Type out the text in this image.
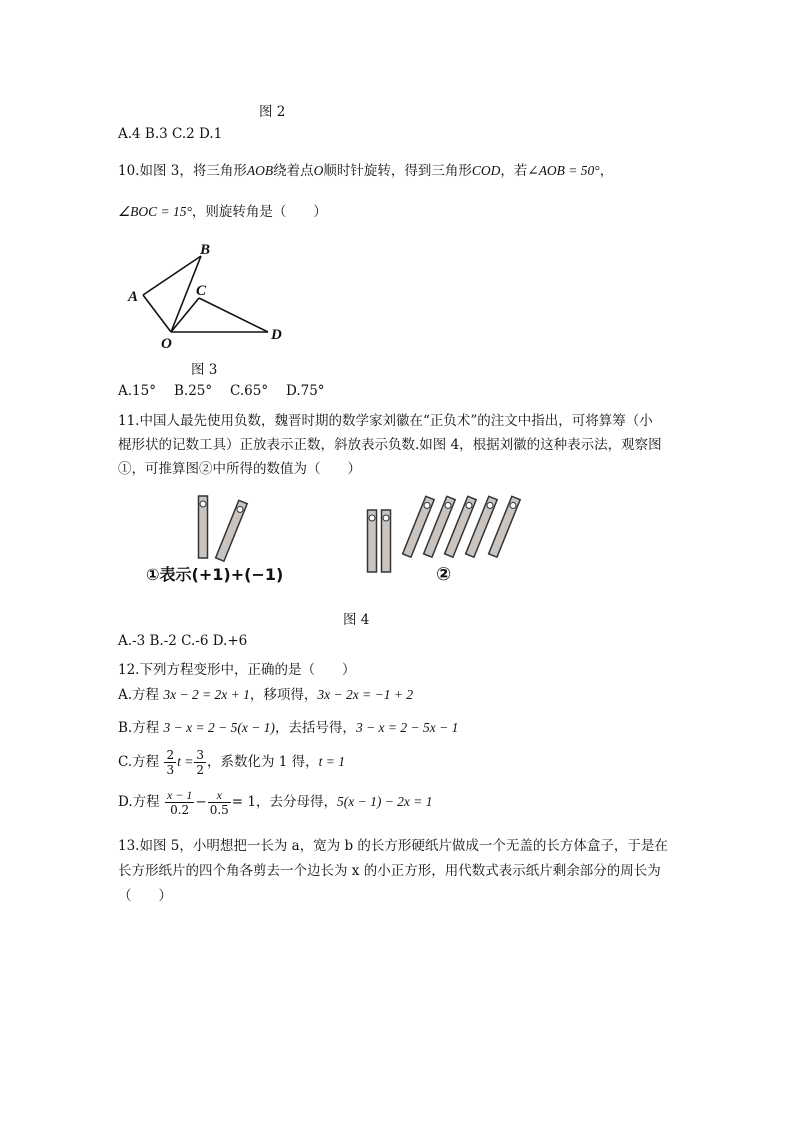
图 2
A.4 B.3 C.2 D.1
10.如图 3，将三角形AOB绕着点O顺时针旋转，得到三角形COD，若∠AOB = 50°，
∠BOC = 15°，则旋转角是（　　）
A
B
C
D
O
图 3
A.15° B.25° C.65° D.75°
11.中国人最先使用负数，魏晋时期的数学家刘徽在“正负术”的注文中指出，可将算筹（小
棍形状的记数工具）正放表示正数，斜放表示负数.如图 4，根据刘徽的这种表示法，观察图
①，可推算图②中所得的数值为（　　）
①表示(+1)+(−1)	②
图 4
A.-3 B.-2 C.-6 D.+6
12.下列方程变形中，正确的是（　　）
A.方程 3x − 2 = 2x + 1，移项得，3x − 2x = −1 + 2
B.方程 3 − x = 2 − 5(x − 1)，去括号得，3 − x = 2 − 5x − 1
C.方程 $\frac{2}{3}$ $t = \frac{3}{2}$ ，系数化为 1 得，t = 1
D.方程 $\frac{x - 1}{0.2} - \frac{x}{0.5} = 1$，去分母得，5(x − 1) − 2x = 1
13.如图 5，小明想把一长为 a，宽为 b 的长方形硬纸片做成一个无盖的长方体盒子，于是在
长方形纸片的四个角各剪去一个边长为 x 的小正方形，用代数式表示纸片剩余部分的周长为
（　　）
